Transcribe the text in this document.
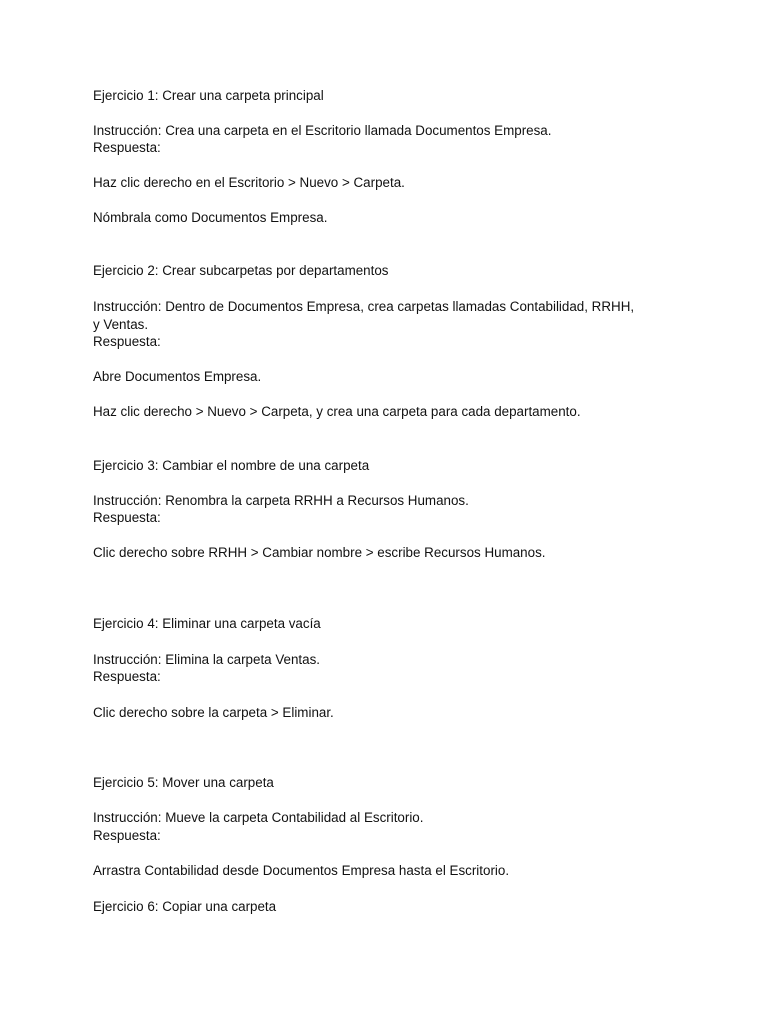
Ejercicio 1: Crear una carpeta principal

Instrucción: Crea una carpeta en el Escritorio llamada Documentos Empresa.

Respuesta:

Haz clic derecho en el Escritorio > Nuevo > Carpeta.

Nómbrala como Documentos Empresa.

Ejercicio 2: Crear subcarpetas por departamentos

Instrucción: Dentro de Documentos Empresa, crea carpetas llamadas Contabilidad, RRHH,

y Ventas.

Respuesta:

Abre Documentos Empresa.

Haz clic derecho > Nuevo > Carpeta, y crea una carpeta para cada departamento.

Ejercicio 3: Cambiar el nombre de una carpeta

Instrucción: Renombra la carpeta RRHH a Recursos Humanos.

Respuesta:

Clic derecho sobre RRHH > Cambiar nombre > escribe Recursos Humanos.

Ejercicio 4: Eliminar una carpeta vacía

Instrucción: Elimina la carpeta Ventas.

Respuesta:

Clic derecho sobre la carpeta > Eliminar.

Ejercicio 5: Mover una carpeta

Instrucción: Mueve la carpeta Contabilidad al Escritorio.

Respuesta:

Arrastra Contabilidad desde Documentos Empresa hasta el Escritorio.

Ejercicio 6: Copiar una carpeta
